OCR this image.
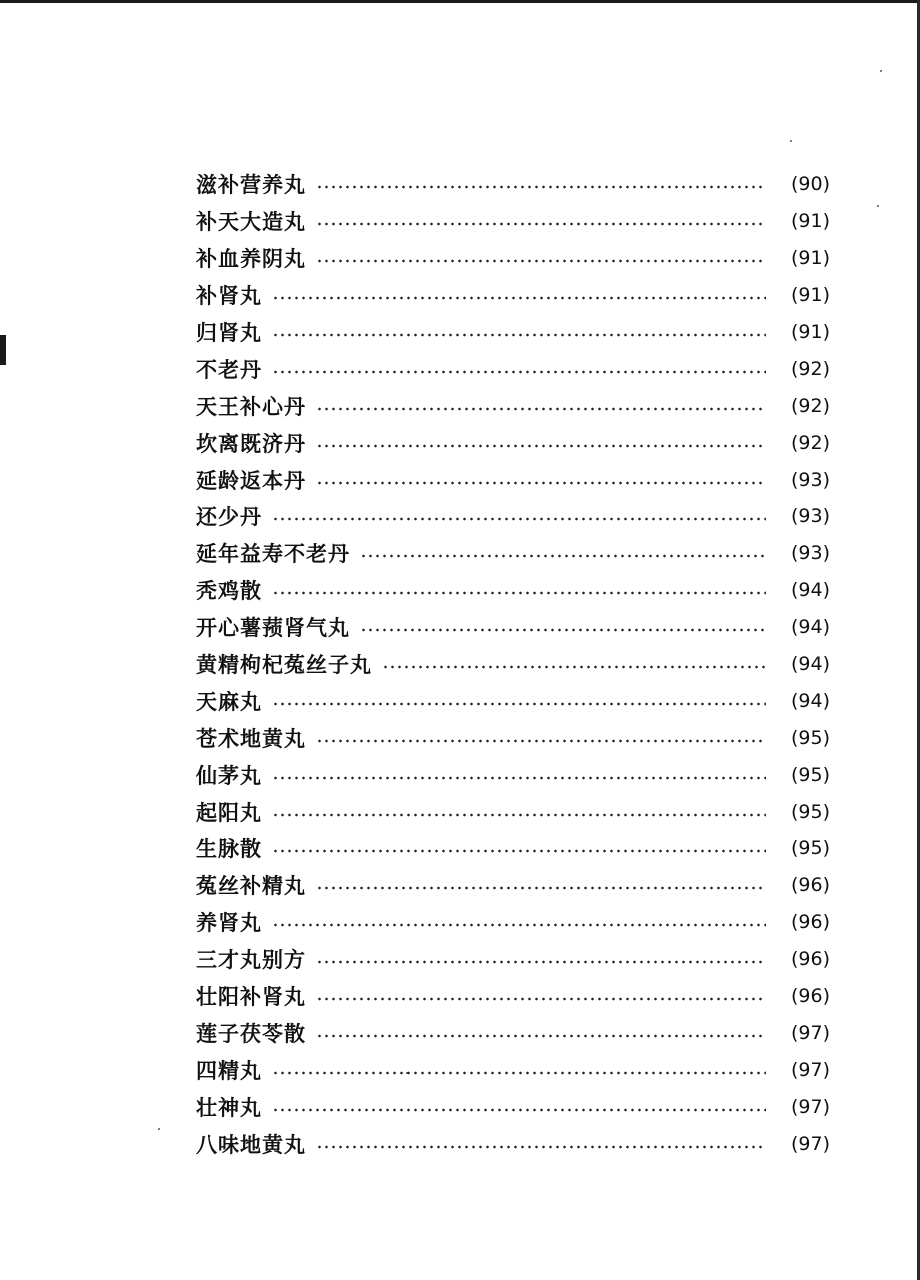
滋补营养丸	(90)
补天大造丸	(91)
补血养阴丸	(91)
补肾丸	(91)
归肾丸	(91)
不老丹	(92)
天王补心丹	(92)
坎离既济丹	(92)
延龄返本丹	(93)
还少丹	(93)
延年益寿不老丹	(93)
秃鸡散	(94)
开心薯蓣肾气丸	(94)
黄精枸杞菟丝子丸	(94)
天麻丸	(94)
苍术地黄丸	(95)
仙茅丸	(95)
起阳丸	(95)
生脉散	(95)
菟丝补精丸	(96)
养肾丸	(96)
三才丸别方	(96)
壮阳补肾丸	(96)
莲子茯苓散	(97)
四精丸	(97)
壮神丸	(97)
八味地黄丸	(97)
